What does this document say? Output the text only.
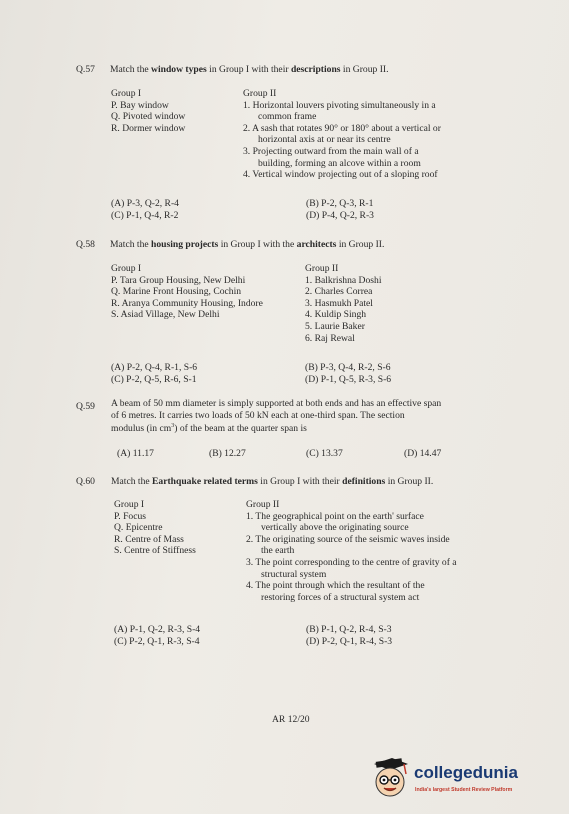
Q.57 Match the window types in Group I with their descriptions in Group II.
Group I
P. Bay window
Q. Pivoted window
R. Dormer window
Group II
1. Horizontal louvers pivoting simultaneously in a
common frame
2. A sash that rotates 90° or 180° about a vertical or
horizontal axis at or near its centre
3. Projecting outward from the main wall of a
building, forming an alcove within a room
4. Vertical window projecting out of a sloping roof
(A) P-3, Q-2, R-4	(B) P-2, Q-3, R-1
(C) P-1, Q-4, R-2	(D) P-4, Q-2, R-3
Q.58 Match the housing projects in Group I with the architects in Group II.
Group I
P. Tara Group Housing, New Delhi
Q. Marine Front Housing, Cochin
R. Aranya Community Housing, Indore
S. Asiad Village, New Delhi
Group II
1. Balkrishna Doshi
2. Charles Correa
3. Hasmukh Patel
4. Kuldip Singh
5. Laurie Baker
6. Raj Rewal
(A) P-2, Q-4, R-1, S-6	(B) P-3, Q-4, R-2, S-6
(C) P-2, Q-5, R-6, S-1	(D) P-1, Q-5, R-3, S-6
Q.59 A beam of 50 mm diameter is simply supported at both ends and has an effective span
of 6 metres. It carries two loads of 50 kN each at one-third span. The section
modulus (in $cm^3$) of the beam at the quarter span is
(A) 11.17	(B) 12.27	(C) 13.37	(D) 14.47
Q.60 Match the Earthquake related terms in Group I with their definitions in Group II.
Group I
P. Focus
Q. Epicentre
R. Centre of Mass
S. Centre of Stiffness
Group II
1. The geographical point on the earth' surface
vertically above the originating source
2. The originating source of the seismic waves inside
the earth
3. The point corresponding to the centre of gravity of a
structural system
4. The point through which the resultant of the
restoring forces of a structural system act
(A) P-1, Q-2, R-3, S-4	(B) P-1, Q-2, R-4, S-3
(C) P-2, Q-1, R-3, S-4	(D) P-2, Q-1, R-4, S-3
AR 12/20
collegedunia
India's largest Student Review Platform
